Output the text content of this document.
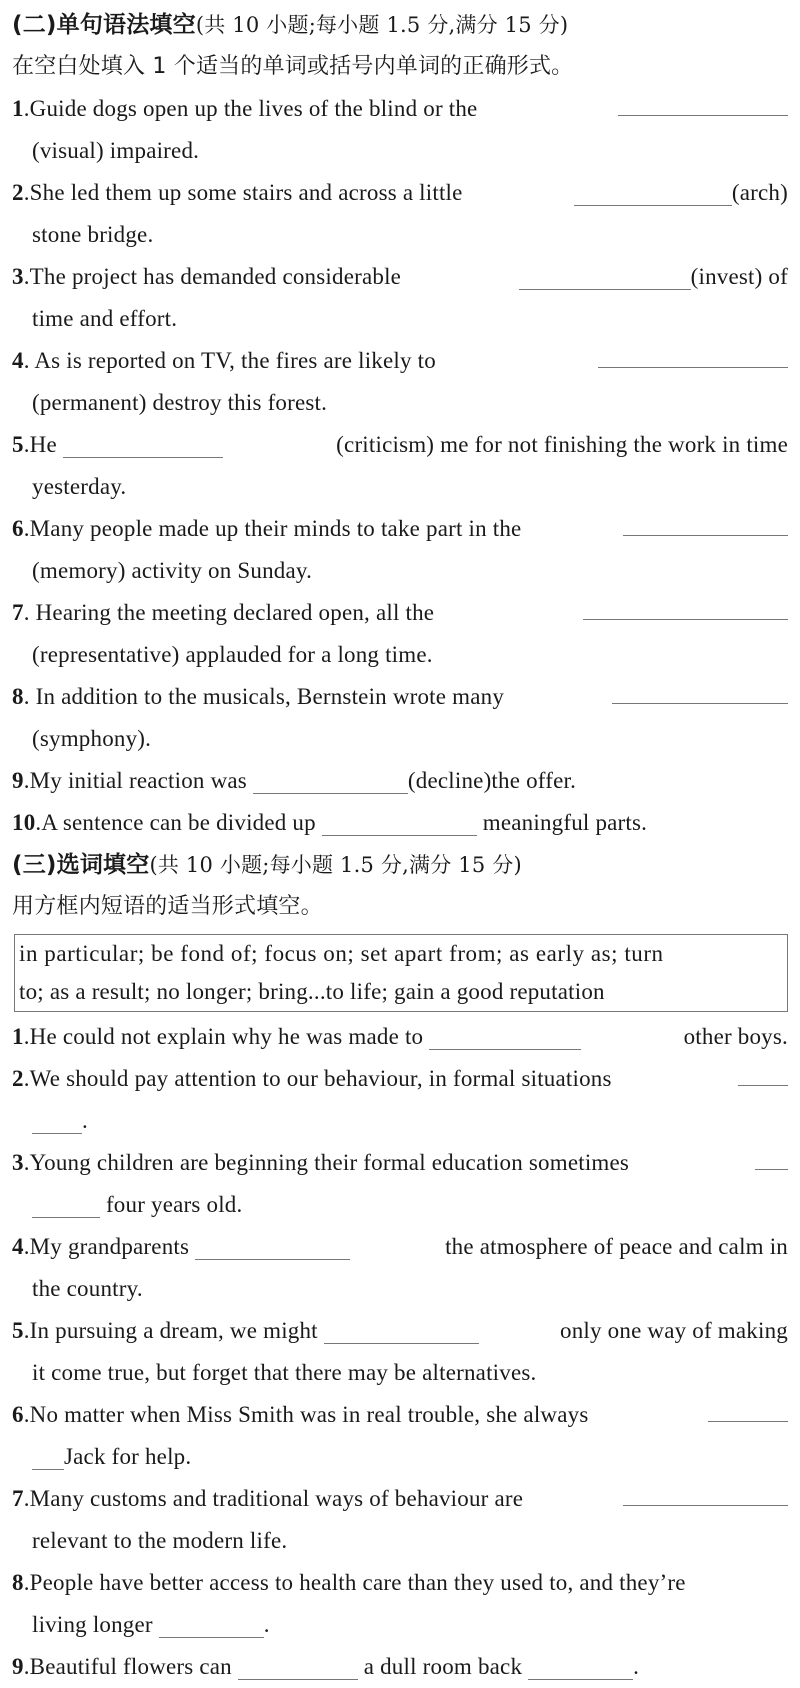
(二)单句语法填空(共 10 小题;每小题 1.5 分,满分 15 分)
在空白处填入 1 个适当的单词或括号内单词的正确形式。
1.Guide dogs open up the lives of the blind or the
(visual) impaired.
2.She led them up some stairs and across a little	(arch)
stone bridge.
3.The project has demanded considerable	(invest) of
time and effort.
4. As is reported on TV, the fires are likely to
(permanent) destroy this forest.
5.He	(criticism) me for not finishing the work in time
yesterday.
6.Many people made up their minds to take part in the
(memory) activity on Sunday.
7. Hearing the meeting declared open, all the
(representative) applauded for a long time.
8. In addition to the musicals, Bernstein wrote many
(symphony).
9.My initial reaction was	(decline)the offer.
10.A sentence can be divided up	meaningful parts.
(三)选词填空(共 10 小题;每小题 1.5 分,满分 15 分)
用方框内短语的适当形式填空。
in particular; be fond of; focus on; set apart from; as early as; turn
to; as a result; no longer; bring...to life; gain a good reputation
1.He could not explain why he was made to	other boys.
2.We should pay attention to our behaviour, in formal situations
.
3.Young children are beginning their formal education sometimes
four years old.
4.My grandparents	the atmosphere of peace and calm in
the country.
5.In pursuing a dream, we might	only one way of making
it come true, but forget that there may be alternatives.
6.No matter when Miss Smith was in real trouble, she always
Jack for help.
7.Many customs and traditional ways of behaviour are
relevant to the modern life.
8.People have better access to health care than they used to, and they’re
living longer	.
9.Beautiful flowers can	a dull room back	.
